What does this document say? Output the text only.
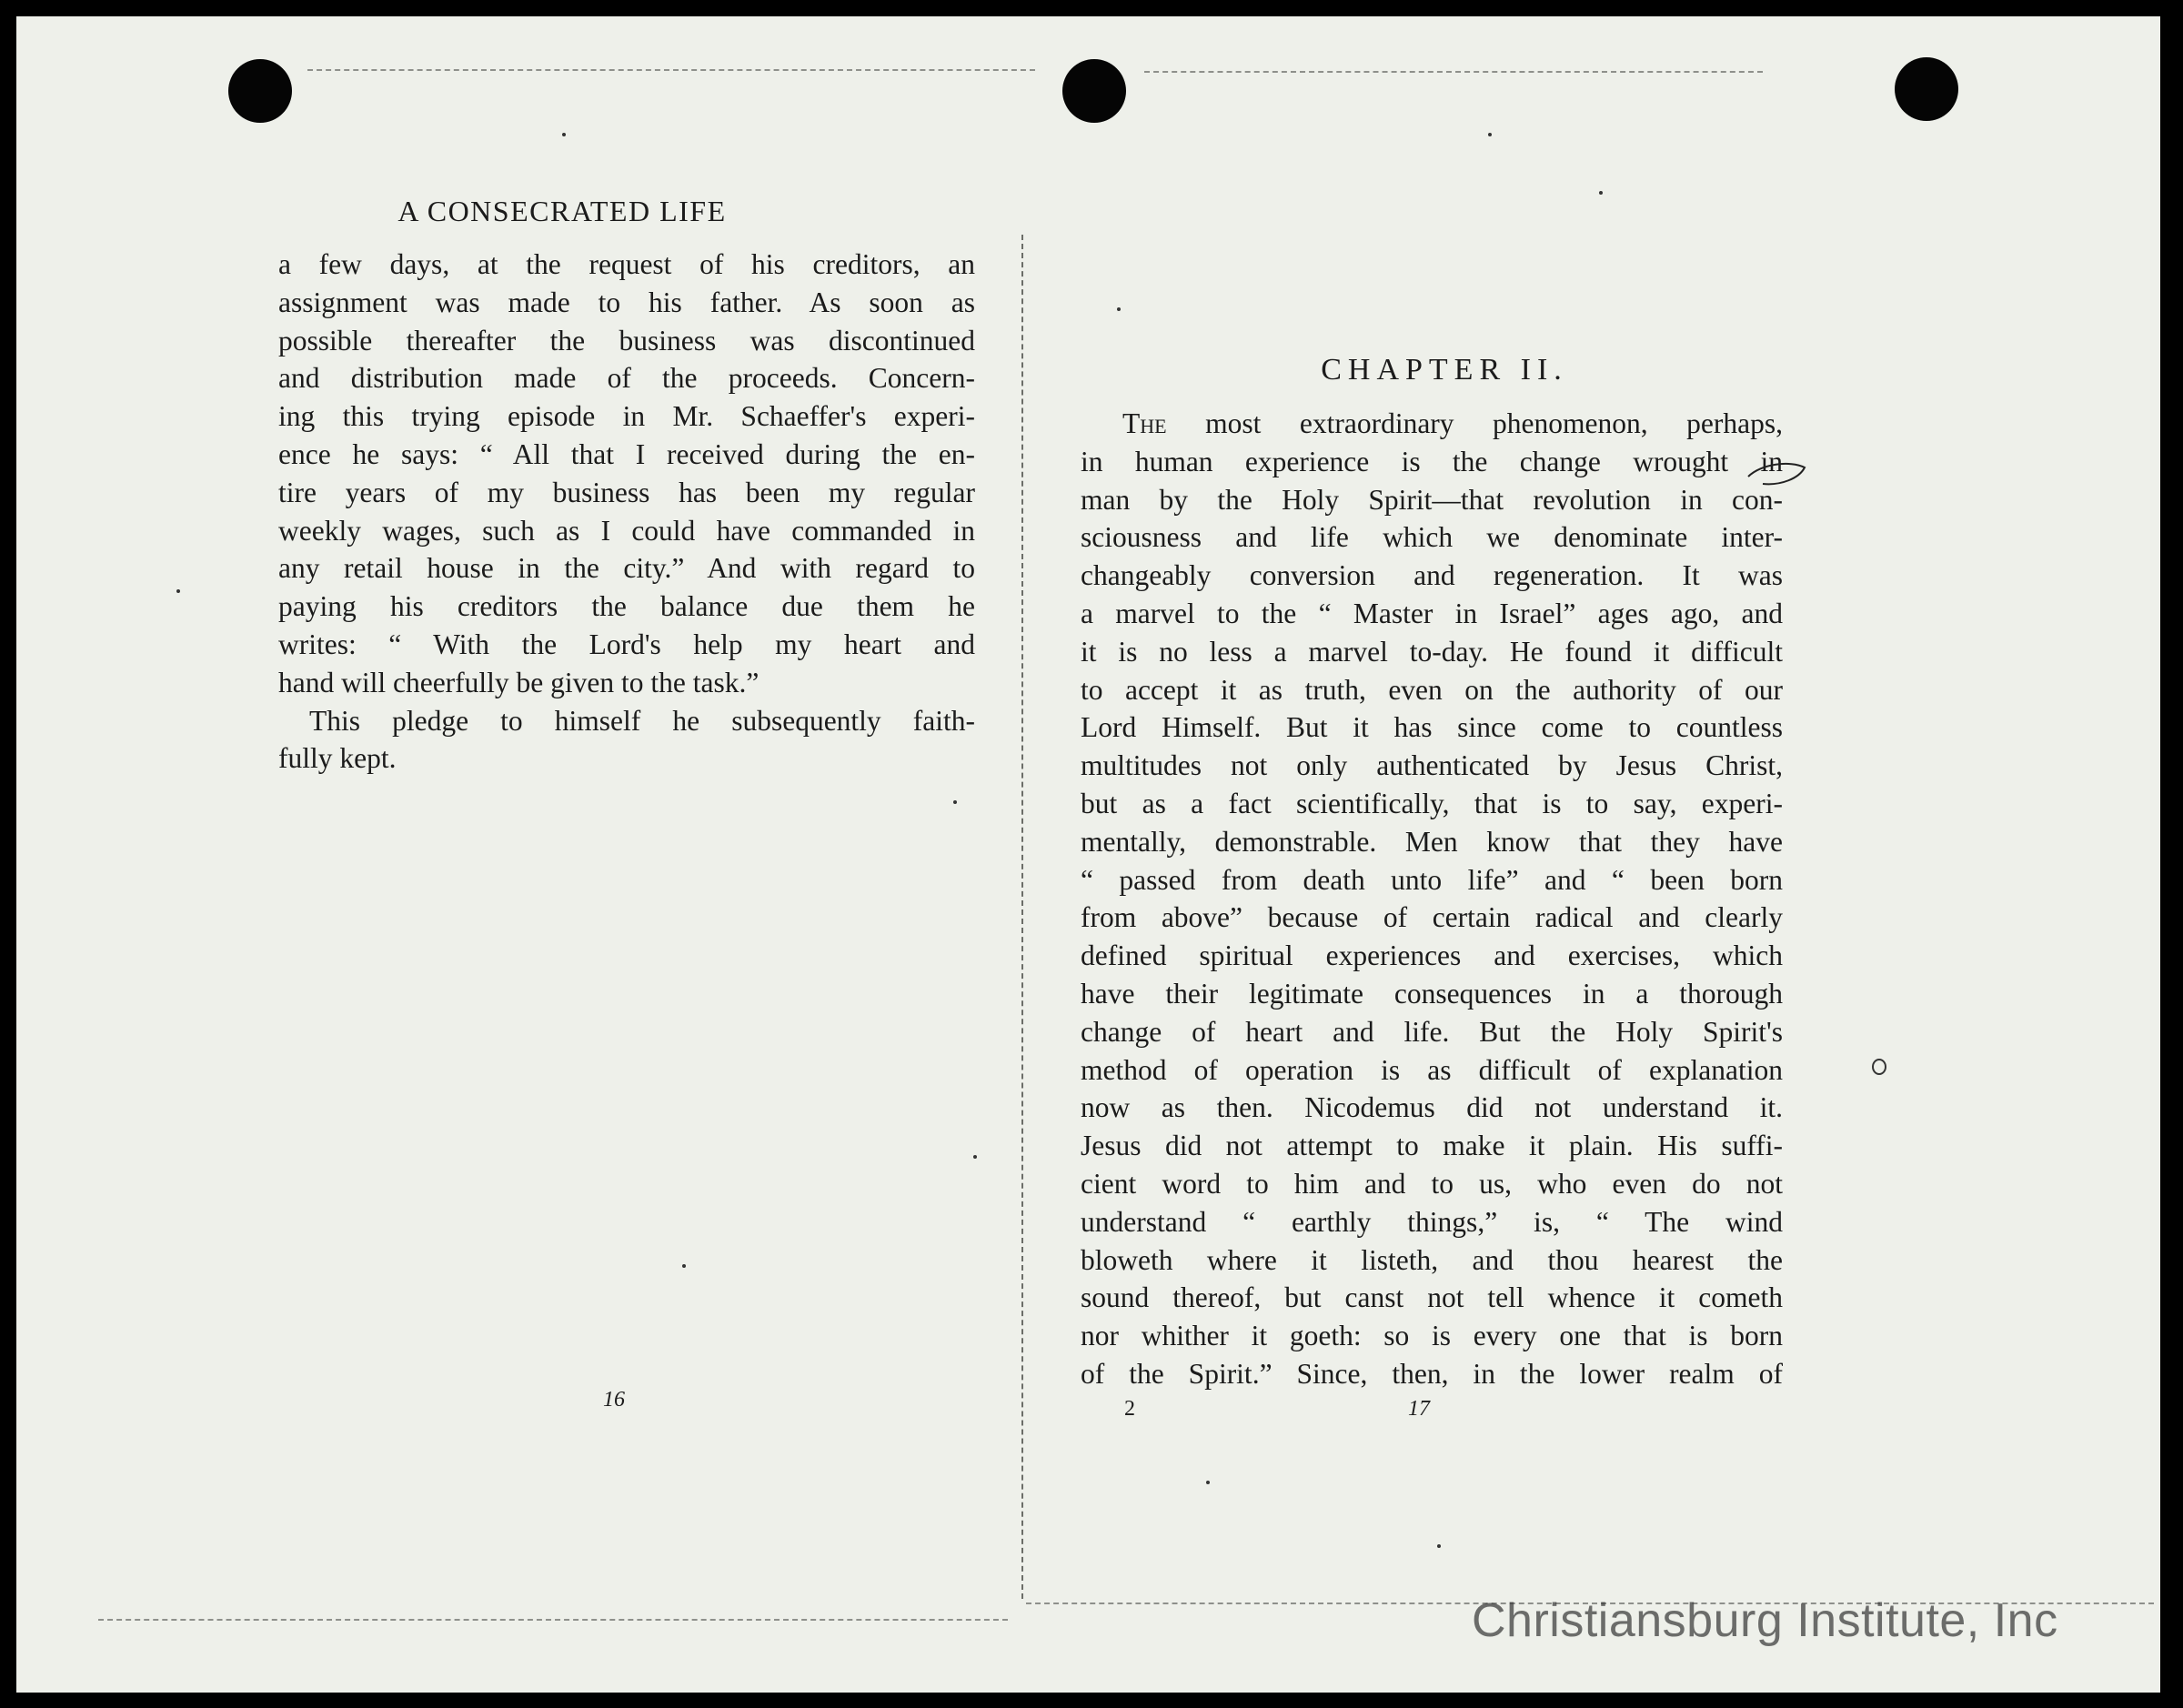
A CONSECRATED LIFE

a few days, at the request of his creditors, an

assignment was made to his father. As soon as

possible thereafter the business was discontinued

and distribution made of the proceeds. Concern-

ing this trying episode in Mr. Schaeffer's experi-

ence he says: “ All that I received during the en-

tire years of my business has been my regular

weekly wages, such as I could have commanded in

any retail house in the city.” And with regard to

paying his creditors the balance due them he

writes: “ With the Lord's help my heart and

hand will cheerfully be given to the task.”

This pledge to himself he subsequently faith-

fully kept.

16
CHAPTER II.

The most extraordinary phenomenon, perhaps,

in human experience is the change wrought in

man by the Holy Spirit—that revolution in con-

sciousness and life which we denominate inter-

changeably conversion and regeneration. It was

a marvel to the “ Master in Israel” ages ago, and

it is no less a marvel to-day. He found it difficult

to accept it as truth, even on the authority of our

Lord Himself. But it has since come to countless

multitudes not only authenticated by Jesus Christ,

but as a fact scientifically, that is to say, experi-

mentally, demonstrable. Men know that they have

“ passed from death unto life” and “ been born

from above” because of certain radical and clearly

defined spiritual experiences and exercises, which

have their legitimate consequences in a thorough

change of heart and life. But the Holy Spirit's

method of operation is as difficult of explanation

now as then. Nicodemus did not understand it.

Jesus did not attempt to make it plain. His suffi-

cient word to him and to us, who even do not

understand “ earthly things,” is, “ The wind

bloweth where it listeth, and thou hearest the

sound thereof, but canst not tell whence it cometh

nor whither it goeth: so is every one that is born

of the Spirit.” Since, then, in the lower realm of

2	17
Christiansburg Institute, Inc
